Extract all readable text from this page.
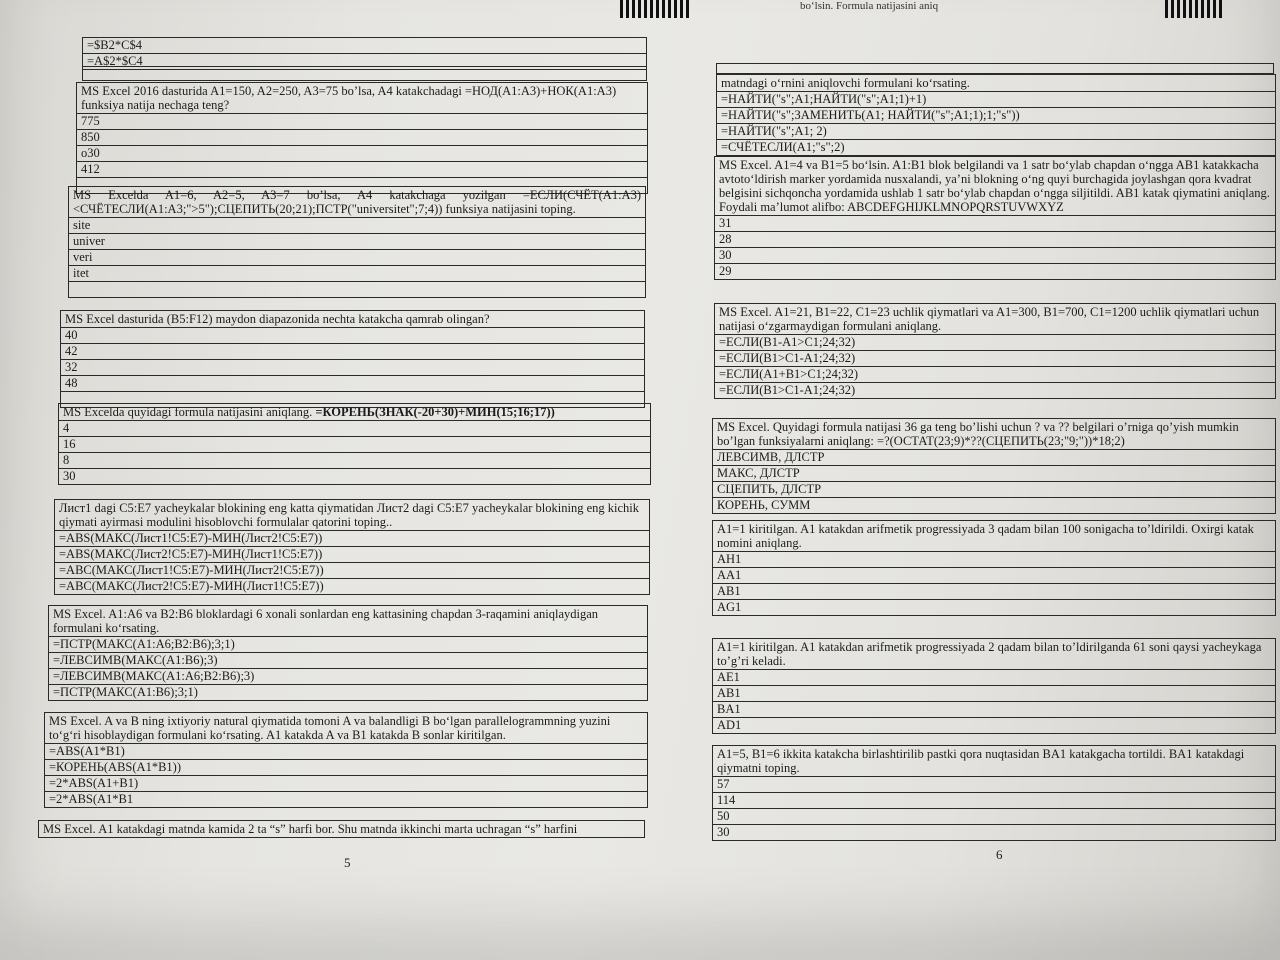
bo‘lsin. Formula natijasini aniq
=$B2*C$4
=A$2*$C4
MS Excel 2016 dasturida A1=150, A2=250, A3=75 bo’lsa, A4 katakchadagi =НОД(A1:A3)+НОК(A1:A3) funksiya natija nechaga teng?
775
850
о30
412
MS Excelda A1=6, A2=5, A3=7 bo’lsa, A4 katakchaga yozilgan =ЕСЛИ(СЧЁТ(A1:A3)<СЧЁТЕСЛИ(A1:A3;">5");СЦЕПИТЬ(20;21);ПСТР("universitet";7;4)) funksiya natijasini toping.
site
univer
veri
itet
MS Excel dasturida (B5:F12) maydon diapazonida nechta katakcha qamrab olingan?
40
42
32
48
MS Excelda quyidagi formula natijasini aniqlang. =КОРЕНЬ(ЗНАК(-20+30)+МИН(15;16;17))
4
16
8
30
Лист1 dagi C5:E7 yacheykalar blokining eng katta qiymatidan Лист2 dagi C5:E7 yacheykalar blokining eng kichik qiymati ayirmasi modulini hisoblovchi formulalar qatorini toping..
=ABS(МАКС(Лист1!C5:E7)-МИН(Лист2!C5:E7))
=ABS(МАКС(Лист2!C5:E7)-МИН(Лист1!C5:E7))
=ABC(МАКС(Лист1!C5:E7)-МИН(Лист2!C5:E7))
=ABC(МАКС(Лист2!C5:E7)-МИН(Лист1!C5:E7))
MS Excel. A1:A6 va B2:B6 bloklardagi 6 xonali sonlardan eng kattasining chapdan 3-raqamini aniqlaydigan formulani ko‘rsating.
=ПСТР(МАКС(A1:A6;B2:B6);3;1)
=ЛЕВСИМВ(МАКС(A1:B6);3)
=ЛЕВСИМВ(МАКС(A1:A6;B2:B6);3)
=ПСТР(МАКС(A1:B6);3;1)
MS Excel. A va B ning ixtiyoriy natural qiymatida tomoni A va balandligi B bo‘lgan parallelogrammning yuzini to‘g‘ri hisoblaydigan formulani ko‘rsating. A1 katakda A va B1 katakda B sonlar kiritilgan.
=ABS(A1*B1)
=КОРЕНЬ(ABS(A1*B1))
=2*ABS(A1+B1)
=2*ABS(A1*B1
MS Excel. A1 katakdagi matnda kamida 2 ta “s” harfi bor. Shu matnda ikkinchi marta uchragan “s” harfini
5
matndagi o‘rnini aniqlovchi formulani ko‘rsating.
=НАЙТИ("s";A1;НАЙТИ("s";A1;1)+1)
=НАЙТИ("s";ЗАМЕНИТЬ(A1; НАЙТИ("s";A1;1);1;"s"))
=НАЙТИ("s";A1; 2)
=СЧЁТЕСЛИ(A1;"s";2)
MS Excel. A1=4 va B1=5 bo‘lsin. A1:B1 blok belgilandi va 1 satr bo‘ylab chapdan o‘ngga AB1 katakkacha avtoto‘ldirish marker yordamida nusxalandi, ya’ni blokning o‘ng quyi burchagida joylashgan qora kvadrat belgisini sichqoncha yordamida ushlab 1 satr bo‘ylab chapdan o‘ngga siljitildi. AB1 katak qiymatini aniqlang. Foydali ma’lumot alifbo: ABCDEFGHIJKLMNOPQRSTUVWXYZ
31
28
30
29
MS Excel. A1=21, B1=22, C1=23 uchlik qiymatlari va A1=300, B1=700, C1=1200 uchlik qiymatlari uchun natijasi o‘zgarmaydigan formulani aniqlang.
=ЕСЛИ(B1-A1>C1;24;32)
=ЕСЛИ(B1>C1-A1;24;32)
=ЕСЛИ(A1+B1>C1;24;32)
=ЕСЛИ(B1>C1-A1;24;32)
MS Excel. Quyidagi formula natijasi 36 ga teng bo’lishi uchun ? va ?? belgilari o’rniga qo’yish mumkin bo’lgan funksiyalarni aniqlang: =?(ОСТАТ(23;9)*??(СЦЕПИТЬ(23;"9;"))*18;2)
ЛЕВСИМВ, ДЛСТР
МАКС, ДЛСТР
СЦЕПИТЬ, ДЛСТР
КОРЕНЬ, СУММ
A1=1 kiritilgan. A1 katakdan arifmetik progressiyada 3 qadam bilan 100 sonigacha to’ldirildi. Oxirgi katak nomini aniqlang.
AH1
AA1
AB1
AG1
A1=1 kiritilgan. A1 katakdan arifmetik progressiyada 2 qadam bilan to’ldirilganda 61 soni qaysi yacheykaga to’g’ri keladi.
AE1
AB1
BA1
AD1
A1=5, B1=6 ikkita katakcha birlashtirilib pastki qora nuqtasidan BA1 katakgacha tortildi. BA1 katakdagi qiymatni toping.
57
114
50
30
6
